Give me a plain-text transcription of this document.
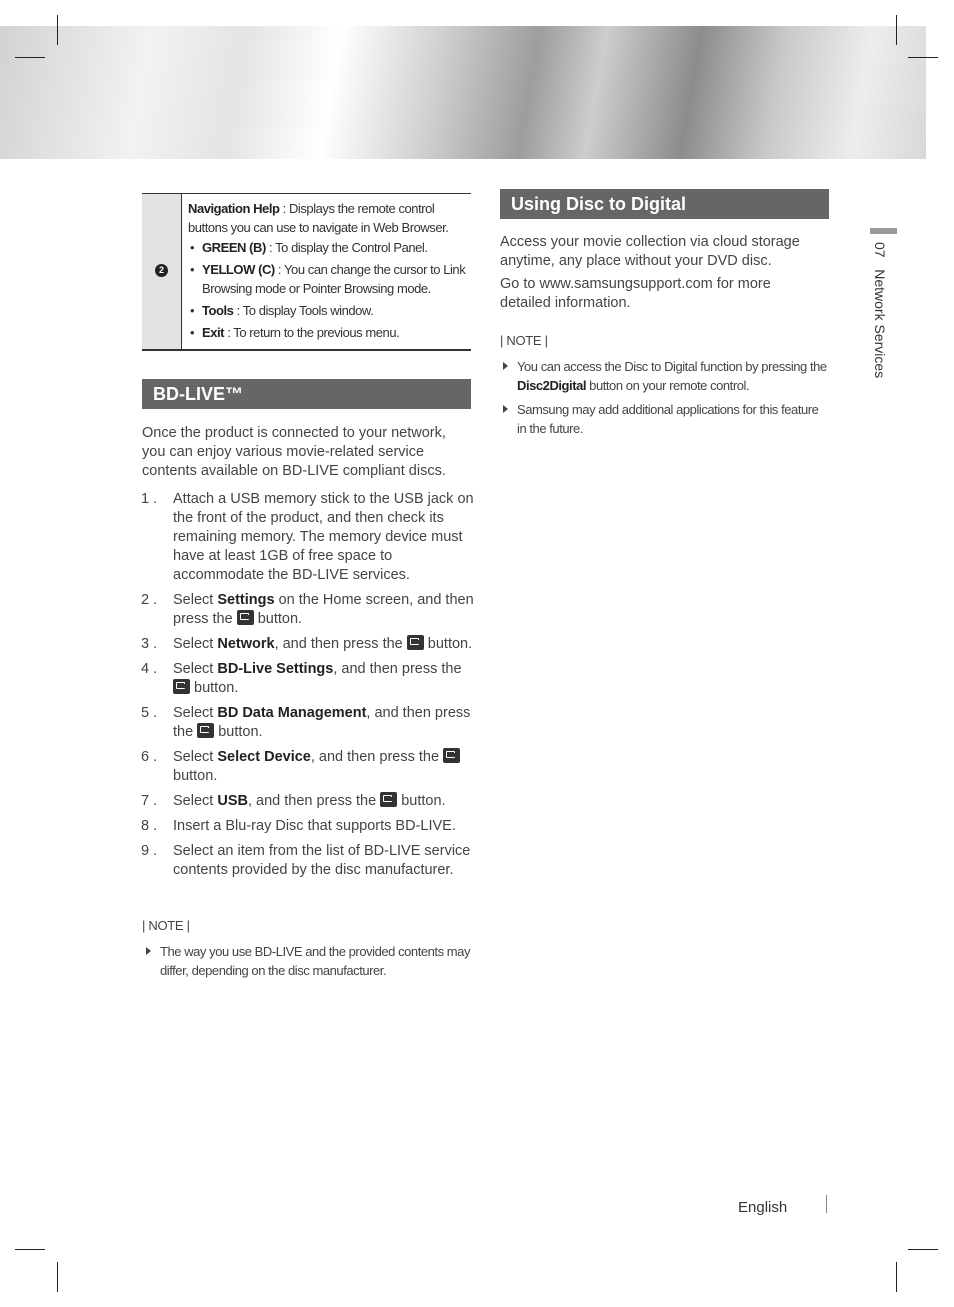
2

Navigation Help : Displays the remote control buttons you can use to navigate in Web Browser.

• GREEN (B) : To display the Control Panel.
• YELLOW (C) : You can change the cursor to Link Browsing mode or Pointer Browsing mode.
• Tools : To display Tools window.
• Exit : To return to the previous menu.
BD-LIVE™

Once the product is connected to your network, you can enjoy various movie-related service contents available on BD-LIVE compliant discs.

1 . Attach a USB memory stick to the USB jack on the front of the product, and then check its remaining memory. The memory device must have at least 1GB of free space to accommodate the BD-LIVE services.
2 . Select Settings on the Home screen, and then press the  button.
3 . Select Network, and then press the  button.
4 . Select BD-Live Settings, and then press the  button.
5 . Select BD Data Management, and then press the  button.
6 . Select Select Device, and then press the  button.
7 . Select USB, and then press the  button.
8 . Insert a Blu-ray Disc that supports BD-LIVE.
9 . Select an item from the list of BD-LIVE service contents provided by the disc manufacturer.
| NOTE |
The way you use BD-LIVE and the provided contents may differ, depending on the disc manufacturer.
Using Disc to Digital

Access your movie collection via cloud storage anytime, any place without your DVD disc.

Go to www.samsungsupport.com for more detailed information.

| NOTE |
You can access the Disc to Digital function by pressing the Disc2Digital button on your remote control.
Samsung may add additional applications for this feature in the future.
07   Network Services
English
